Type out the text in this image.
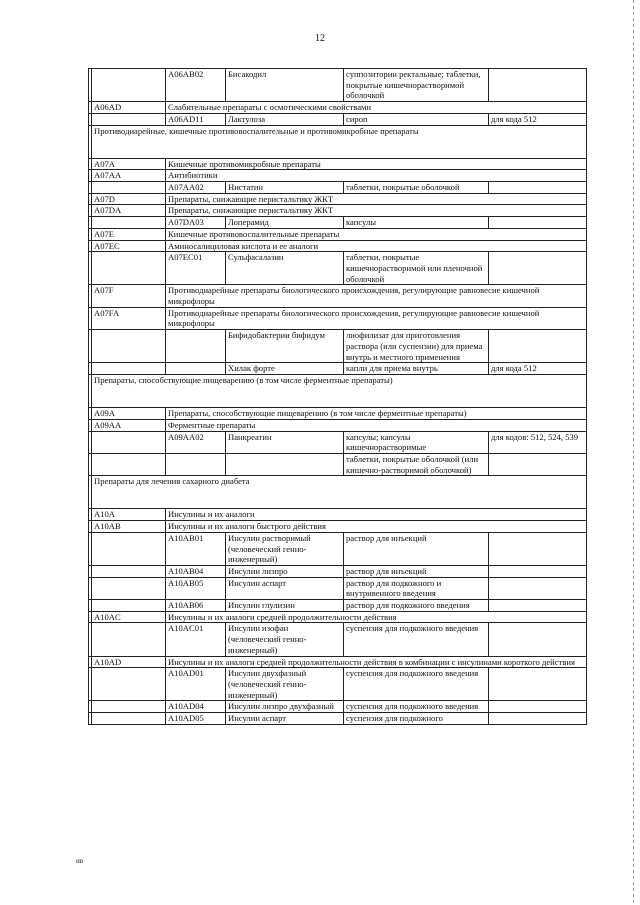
12
		A06AB02	Бисакодил	суппозитории ректальные; таблетки, покрытые кишечнорастворимой оболочкой	
	A06AD	Слабительные препараты с осмотическими свойствами			
		A06AD11	Лактулоза	сироп	для кода 512
	Противодиарейные, кишечные противовоспалительные и противомикробные препараты				
	A07A	Кишечные противомикробные препараты			
	A07AA	Антибиотики			
		A07AA02	Нистатин	таблетки, покрытые оболочкой	
	A07D	Препараты, снижающие перистальтику ЖКТ			
	A07DA	Препараты, снижающие перистальтику ЖКТ			
		A07DA03	Лоперамид	капсулы	
	A07E	Кишечные противовоспалительные препараты			
	A07EC	Аминосалициловая кислота и ее аналоги			
		A07EC01	Сульфасалазин	таблетки, покрытые кишечнорастворимой или пленочной оболочкой	
	A07F	Противодиарейные препараты биологического происхождения, регулирующие равновесие кишечной микрофлоры			
	A07FA	Противодиарейные препараты биологического происхождения, регулирующие равновесие кишечной микрофлоры			
			Бифидобактерии бифидум	лиофилизат для приготовления раствора (или суспензии) для приема внутрь и местного применения	
			Хилак форте	капли для приема внутрь	для кода 512
	Препараты, способствующие пищеварению (в том числе ферментные препараты)				
	A09A	Препараты, способствующие пищеварению (в том числе ферментные препараты)			
	A09AA	Ферментные препараты			
		A09AA02	Панкреатин	капсулы; капсулы кишечнорастворимые	для кодов: 512, 524, 539
				таблетки, покрытые оболочкой (или кишечно-растворимой оболочкой)	
	Препараты для лечения сахарного диабета				
	A10A	Инсулины и их аналоги			
	A10AB	Инсулины и их аналоги быстрого действия			
		A10AB01	Инсулин растворимый (человеческий генно-инженерный)	раствор для инъекций	
		A10AB04	Инсулин лизпро	раствор для инъекций	
		A10AB05	Инсулин аспарт	раствор для подкожного и внутривенного введения	
		A10AB06	Инсулин глулизин	раствор для подкожного введения	
	A10AC	Инсулины и их аналоги средней продолжительности действия			
		A10AC01	Инсулин изофан (человеческий генно-инженерный)	суспензия для подкожного введения	
	A10AD	Инсулины и их аналоги средней продолжительности действия в комбинации с инсулинами короткого действия			
		A10AD01	Инсулин двухфазный (человеческий генно-инженерный)	суспензия для подкожного введения	
		A10AD04	Инсулин лизпро двухфазный	суспензия для подкожного введения	
		A10AD05	Инсулин аспарт	суспензия для подкожного	
ив
